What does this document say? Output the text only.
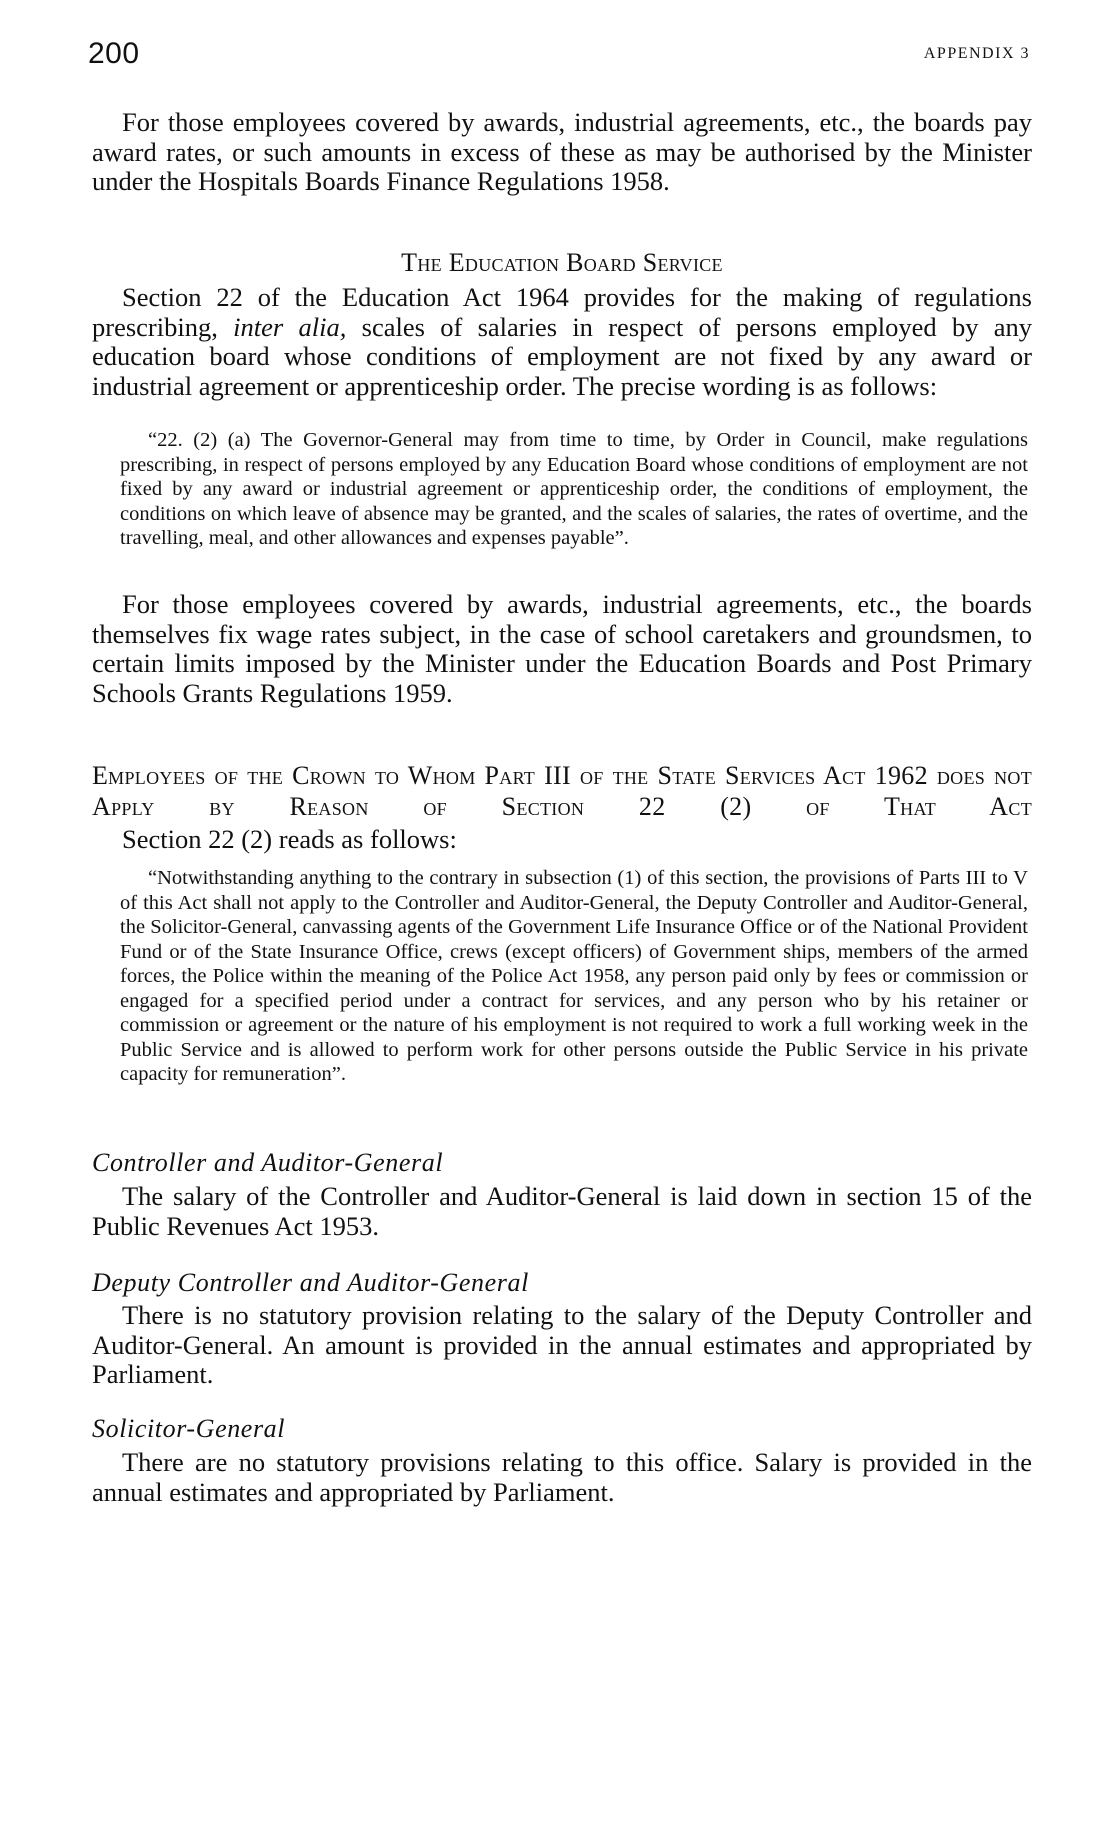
200	APPENDIX 3

For those employees covered by awards, industrial agreements, etc., the boards pay award rates, or such amounts in excess of these as may be authorised by the Minister under the Hospitals Boards Finance Regulations 1958.

The Education Board Service

Section 22 of the Education Act 1964 provides for the making of regulations prescribing, inter alia, scales of salaries in respect of persons employed by any education board whose conditions of employment are not fixed by any award or industrial agreement or apprenticeship order. The precise wording is as follows:

“22. (2) (a) The Governor-General may from time to time, by Order in Council, make regulations prescribing, in respect of persons employed by any Education Board whose conditions of employment are not fixed by any award or industrial agreement or apprenticeship order, the conditions of employment, the conditions on which leave of absence may be granted, and the scales of salaries, the rates of overtime, and the travelling, meal, and other allowances and expenses payable”.

For those employees covered by awards, industrial agreements, etc., the boards themselves fix wage rates subject, in the case of school caretakers and groundsmen, to certain limits imposed by the Minister under the Education Boards and Post Primary Schools Grants Regulations 1959.

Employees of the Crown to Whom Part III of the State Services Act 1962 does not Apply by Reason of Section 22 (2) of That Act

Section 22 (2) reads as follows:

“Notwithstanding anything to the contrary in subsection (1) of this section, the provisions of Parts III to V of this Act shall not apply to the Controller and Auditor-General, the Deputy Controller and Auditor-General, the Solicitor-General, canvassing agents of the Government Life Insurance Office or of the National Provident Fund or of the State Insurance Office, crews (except officers) of Government ships, members of the armed forces, the Police within the meaning of the Police Act 1958, any person paid only by fees or commission or engaged for a specified period under a contract for services, and any person who by his retainer or commission or agreement or the nature of his employment is not required to work a full working week in the Public Service and is allowed to perform work for other persons outside the Public Service in his private capacity for remuneration”.

Controller and Auditor-General

The salary of the Controller and Auditor-General is laid down in section 15 of the Public Revenues Act 1953.

Deputy Controller and Auditor-General

There is no statutory provision relating to the salary of the Deputy Controller and Auditor-General. An amount is provided in the annual estimates and appropriated by Parliament.

Solicitor-General

There are no statutory provisions relating to this office. Salary is provided in the annual estimates and appropriated by Parliament.
